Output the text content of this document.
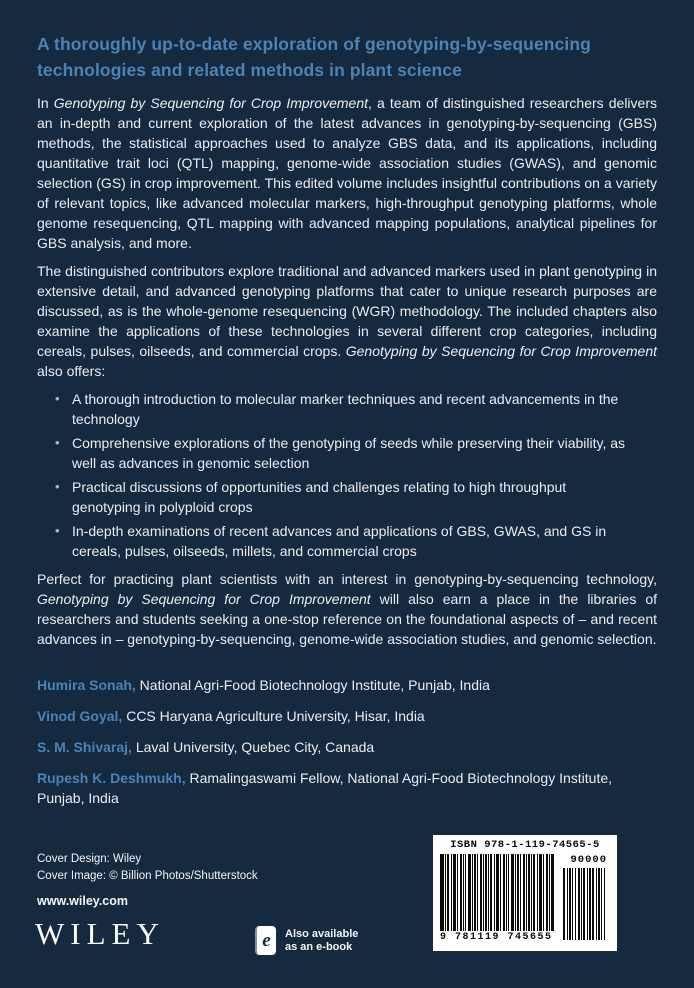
A thoroughly up-to-date exploration of genotyping-by-sequencing technologies and related methods in plant science

In Genotyping by Sequencing for Crop Improvement, a team of distinguished researchers delivers an in-depth and current exploration of the latest advances in genotyping-by-sequencing (GBS) methods, the statistical approaches used to analyze GBS data, and its applications, including quantitative trait loci (QTL) mapping, genome-wide association studies (GWAS), and genomic selection (GS) in crop improvement. This edited volume includes insightful contributions on a variety of relevant topics, like advanced molecular markers, high-throughput genotyping platforms, whole genome resequencing, QTL mapping with advanced mapping populations, analytical pipelines for GBS analysis, and more.

The distinguished contributors explore traditional and advanced markers used in plant genotyping in extensive detail, and advanced genotyping platforms that cater to unique research purposes are discussed, as is the whole-genome resequencing (WGR) methodology. The included chapters also examine the applications of these technologies in several different crop categories, including cereals, pulses, oilseeds, and commercial crops. Genotyping by Sequencing for Crop Improvement also offers:

• A thorough introduction to molecular marker techniques and recent advancements in the technology
• Comprehensive explorations of the genotyping of seeds while preserving their viability, as well as advances in genomic selection
• Practical discussions of opportunities and challenges relating to high throughput genotyping in polyploid crops
• In-depth examinations of recent advances and applications of GBS, GWAS, and GS in cereals, pulses, oilseeds, millets, and commercial crops

Perfect for practicing plant scientists with an interest in genotyping-by-sequencing technology, Genotyping by Sequencing for Crop Improvement will also earn a place in the libraries of researchers and students seeking a one-stop reference on the foundational aspects of – and recent advances in – genotyping-by-sequencing, genome-wide association studies, and genomic selection.

Humira Sonah, National Agri-Food Biotechnology Institute, Punjab, India

Vinod Goyal, CCS Haryana Agriculture University, Hisar, India

S. M. Shivaraj, Laval University, Quebec City, Canada

Rupesh K. Deshmukh, Ramalingaswami Fellow, National Agri-Food Biotechnology Institute, Punjab, India

Cover Design: Wiley
Cover Image: © Billion Photos/Shutterstock
www.wiley.com
WILEY	e	Also available
as an e-book
ISBN 978-1-119-74565-5
9 781119 745655
90000
